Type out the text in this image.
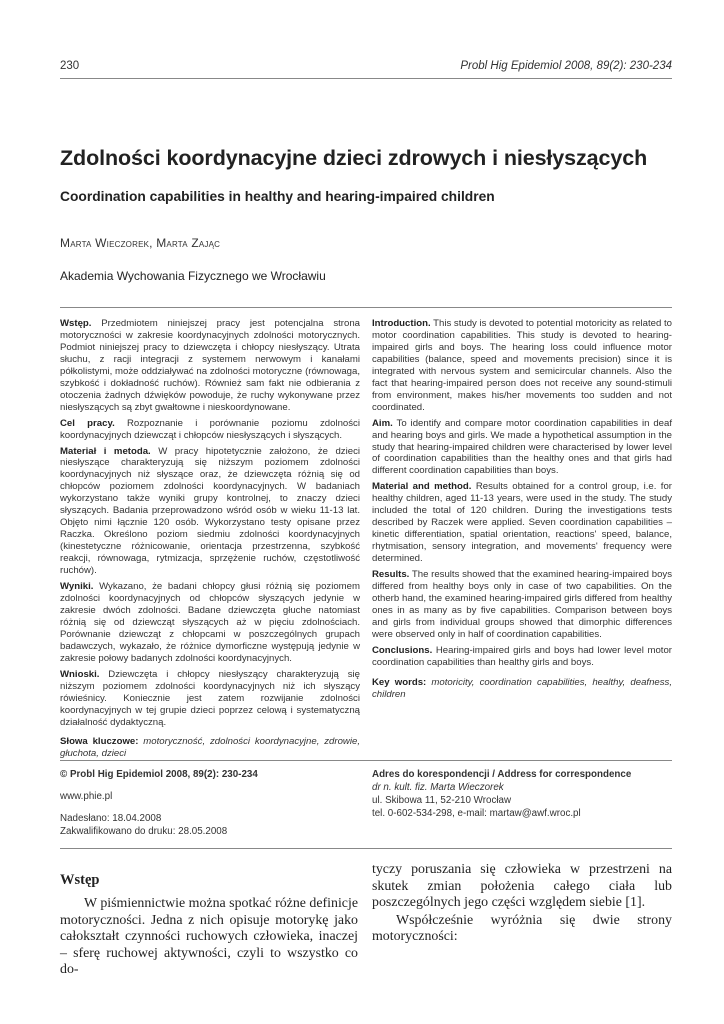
230	Probl Hig Epidemiol 2008, 89(2): 230-234
Zdolności koordynacyjne dzieci zdrowych i niesłyszących
Coordination capabilities in healthy and hearing-impaired children
Marta Wieczorek, Marta Zając
Akademia Wychowania Fizycznego we Wrocławiu

Wstęp. Przedmiotem niniejszej pracy jest potencjalna strona motoryczności w zakresie koordynacyjnych zdolności motorycznych. Podmiot niniejszej pracy to dziewczęta i chłopcy niesłyszący. Utrata słuchu, z racji integracji z systemem nerwowym i kanałami półkolistymi, może oddziaływać na zdolności motoryczne (równowaga, szybkość i dokładność ruchów). Również sam fakt nie odbierania z otoczenia żadnych dźwięków powoduje, że ruchy wykonywane przez niesłyszących są zbyt gwałtowne i nieskoordynowane.

Cel pracy. Rozpoznanie i porównanie poziomu zdolności koordynacyjnych dziewcząt i chłopców niesłyszących i słyszących.

Materiał i metoda. W pracy hipotetycznie założono, że dzieci niesłyszące charakteryzują się niższym poziomem zdolności koordynacyjnych niż słyszące oraz, że dziewczęta różnią się od chłopców poziomem zdolności koordynacyjnych. W badaniach wykorzystano także wyniki grupy kontrolnej, to znaczy dzieci słyszących. Badania przeprowadzono wśród osób w wieku 11-13 lat. Objęto nimi łącznie 120 osób. Wykorzystano testy opisane przez Raczka. Określono poziom siedmiu zdolności koordynacyjnych (kinestetyczne różnicowanie, orientacja przestrzenna, szybkość reakcji, równowaga, rytmizacja, sprzężenie ruchów, częstotliwość ruchów).

Wyniki. Wykazano, że badani chłopcy głusi różnią się poziomem zdolności koordynacyjnych od chłopców słyszących jedynie w zakresie dwóch zdolności. Badane dziewczęta głuche natomiast różnią się od dziewcząt słyszących aż w pięciu zdolnościach. Porównanie dziewcząt z chłopcami w poszczególnych grupach badawczych, wykazało, że różnice dymorficzne występują jedynie w zakresie połowy badanych zdolności koordynacyjnych.

Wnioski. Dziewczęta i chłopcy niesłyszący charakteryzują się niższym poziomem zdolności koordynacyjnych niż ich słyszący rówieśnicy. Koniecznie jest zatem rozwijanie zdolności koordynacyjnych w tej grupie dzieci poprzez celową i systematyczną działalność dydaktyczną.

Słowa kluczowe: motoryczność, zdolności koordynacyjne, zdrowie, głuchota, dzieci

Introduction. This study is devoted to potential motoricity as related to motor coordination capabilities. This study is devoted to hearing-impaired girls and boys. The hearing loss could influence motor capabilities (balance, speed and movements precision) since it is integrated with nervous system and semicircular channels. Also the fact that hearing-impaired person does not receive any sound-stimuli from environment, makes his/her movements too sudden and not coordinated.

Aim. To identify and compare motor coordination capabilities in deaf and hearing boys and girls. We made a hypothetical assumption in the study that hearing-impaired children were characterised by lower level of coordination capabilities than the healthy ones and that girls had different coordination capabilities than boys.

Material and method. Results obtained for a control group, i.e. for healthy children, aged 11-13 years, were used in the study. The study included the total of 120 children. During the investigations tests described by Raczek were applied. Seven coordination capabilities – kinetic differentiation, spatial orientation, reactions' speed, balance, rhytmisation, sensory integration, and movements' frequency were determined.

Results. The results showed that the examined hearing-impaired boys differed from healthy boys only in case of two capabilities. On the otherb hand, the examined hearing-impaired girls differed from healthy ones in as many as by five capabilities. Comparison between boys and girls from individual groups showed that dimorphic differences were observed only in half of coordination capabilities.

Conclusions. Hearing-impaired girls and boys had lower level motor coordination capabilities than healthy girls and boys.

Key words: motoricity, coordination capabilities, healthy, deafness, children

© Probl Hig Epidemiol 2008, 89(2): 230-234

www.phie.pl

Nadesłano: 18.04.2008

Zakwalifikowano do druku: 28.05.2008

Adres do korespondencji / Address for correspondence

dr n. kult. fiz. Marta Wieczorek

ul. Skibowa 11, 52-210 Wrocław

tel. 0-602-534-298, e-mail: martaw@awf.wroc.pl

Wstęp

W piśmiennictwie można spotkać różne definicje motoryczności. Jedna z nich opisuje motorykę jako całokształt czynności ruchowych człowieka, inaczej – sferę ruchowej aktywności, czyli to wszystko co do-

tyczy poruszania się człowieka w przestrzeni na skutek zmian położenia całego ciała lub poszczególnych jego części względem siebie [1].

Współcześnie wyróżnia się dwie strony motoryczności:
